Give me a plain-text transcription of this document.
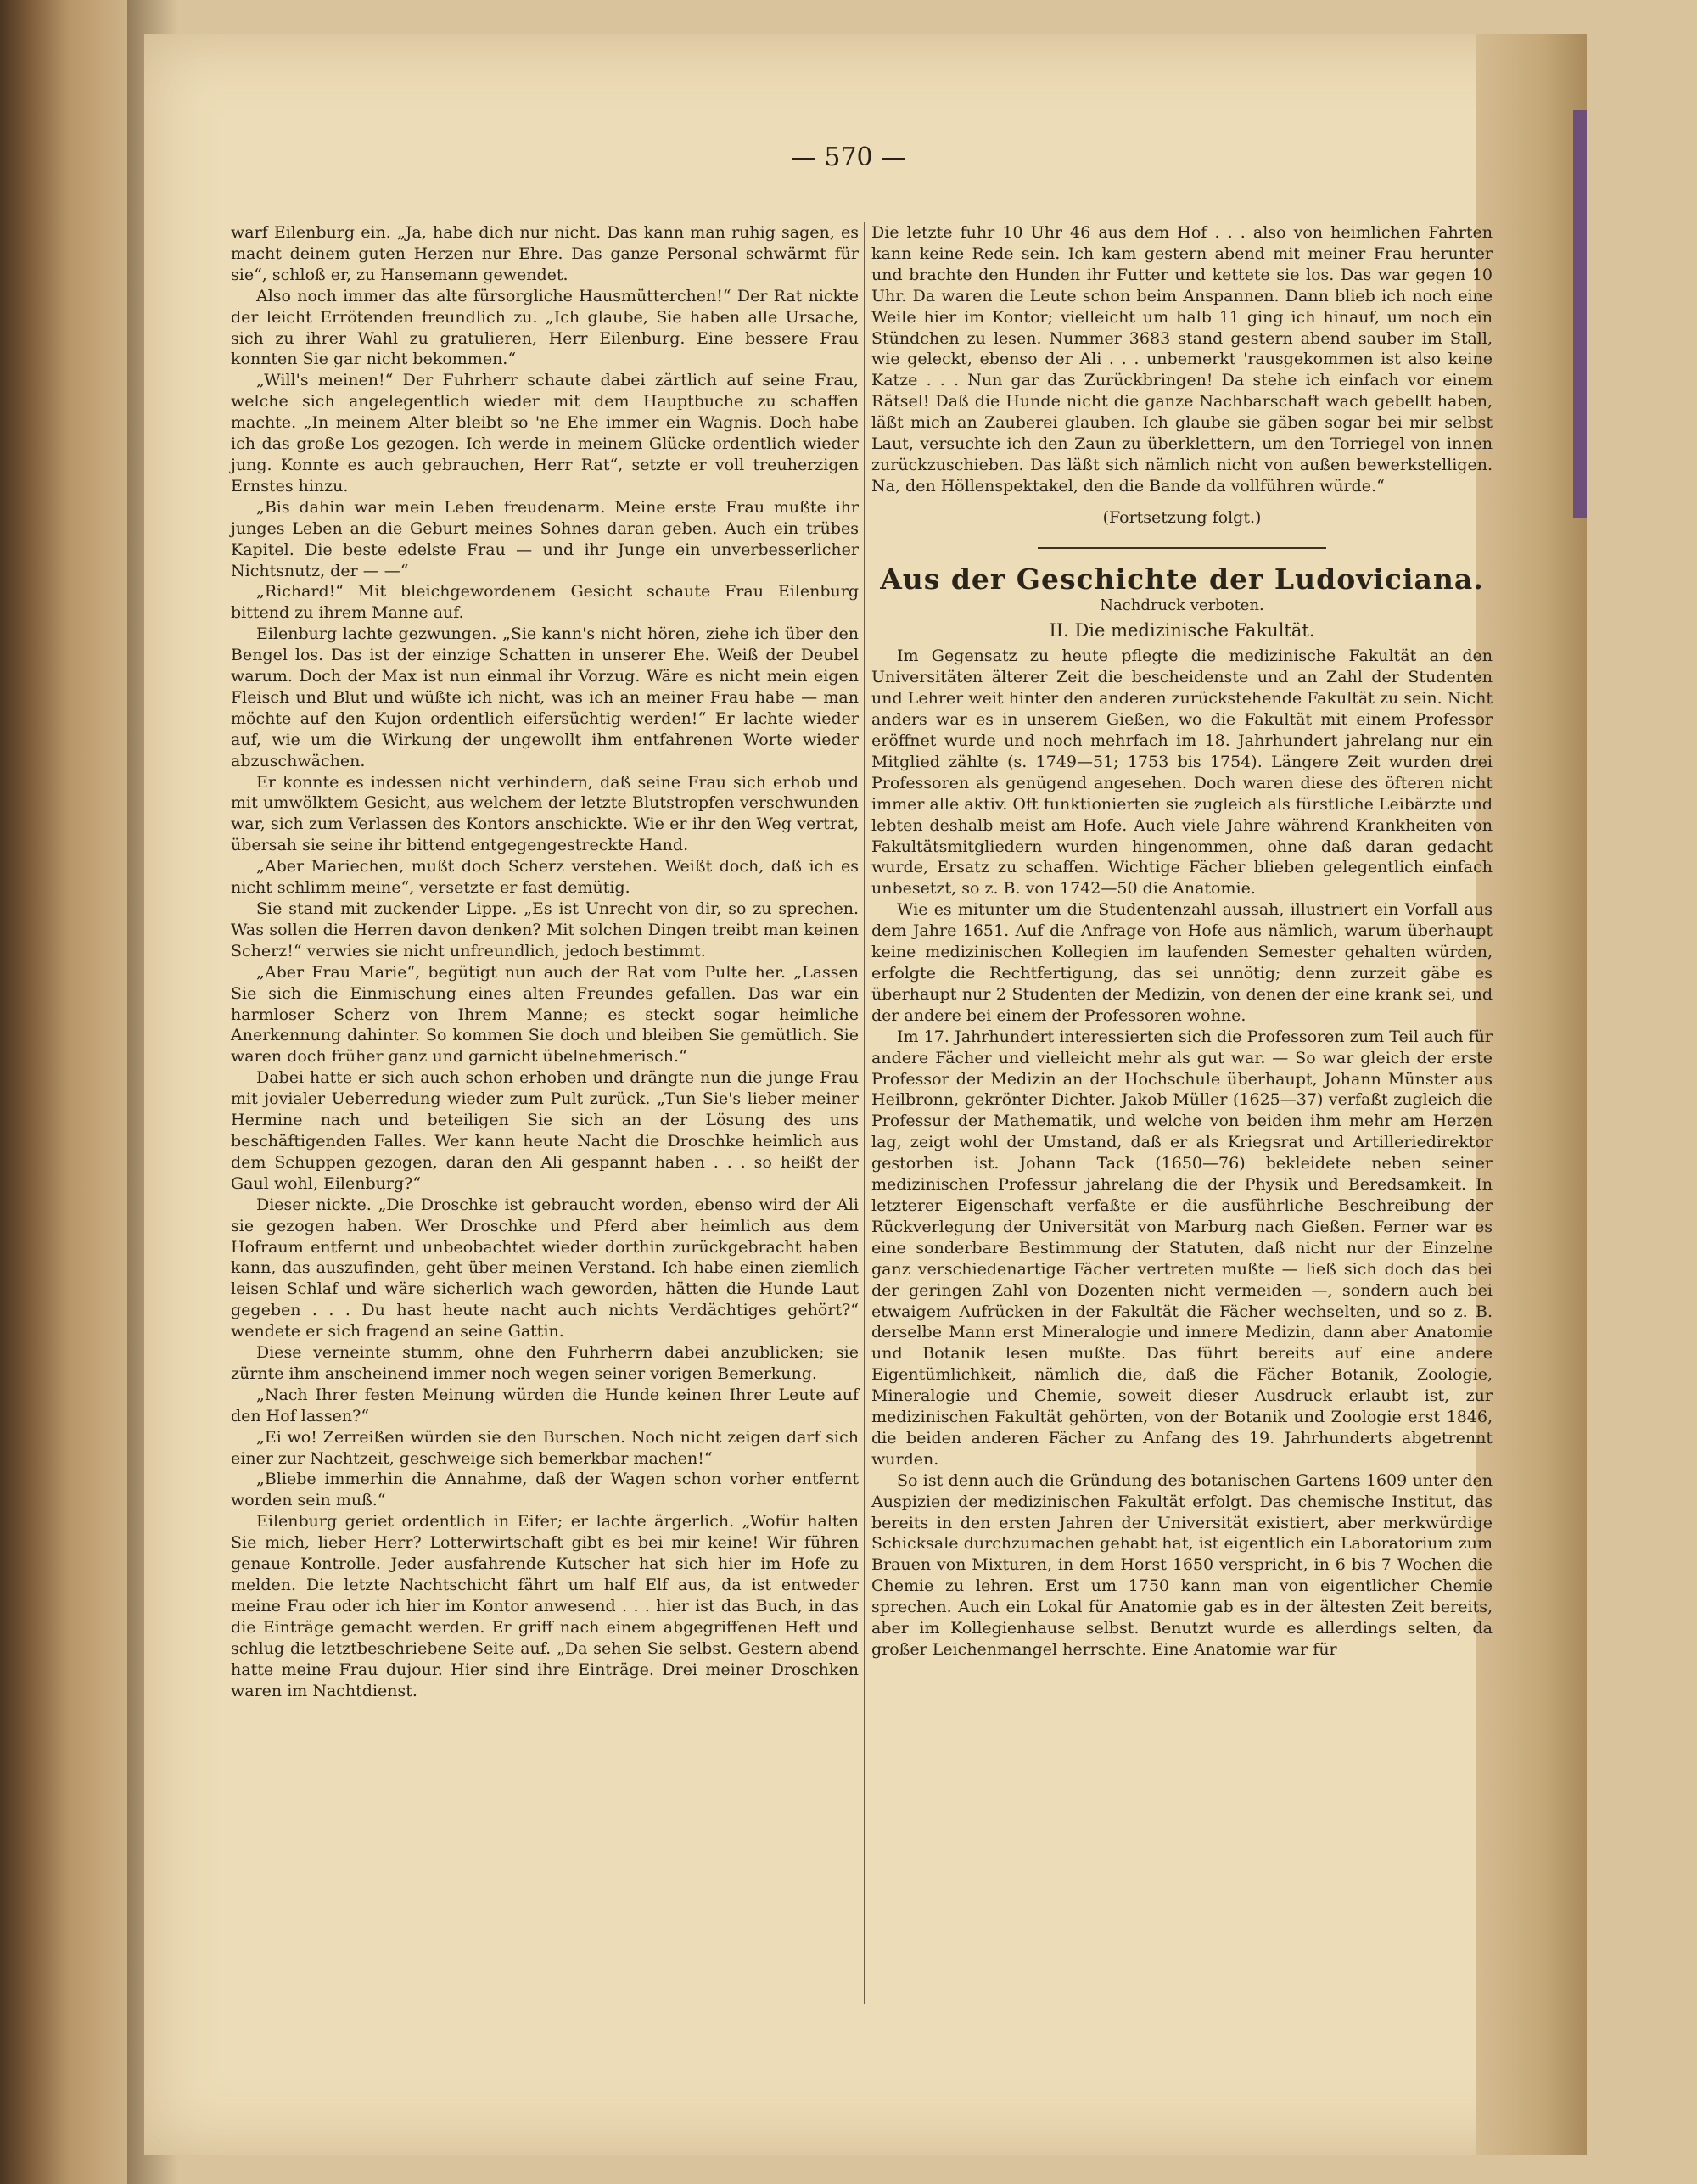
— 570 —

warf Eilenburg ein. „Ja, habe dich nur nicht. Das kann man ruhig sagen, es macht deinem guten Herzen nur Ehre. Das ganze Personal schwärmt für sie“, schloß er, zu Hansemann gewendet.

Also noch immer das alte fürsorgliche Hausmütterchen!“ Der Rat nickte der leicht Errötenden freundlich zu. „Ich glaube, Sie haben alle Ursache, sich zu ihrer Wahl zu gratulieren, Herr Eilenburg. Eine bessere Frau konnten Sie gar nicht bekommen.“

„Will's meinen!“ Der Fuhrherr schaute dabei zärtlich auf seine Frau, welche sich angelegentlich wieder mit dem Hauptbuche zu schaffen machte. „In meinem Alter bleibt so 'ne Ehe immer ein Wagnis. Doch habe ich das große Los gezogen. Ich werde in meinem Glücke ordentlich wieder jung. Konnte es auch gebrauchen, Herr Rat“, setzte er voll treuherzigen Ernstes hinzu.

„Bis dahin war mein Leben freudenarm. Meine erste Frau mußte ihr junges Leben an die Geburt meines Sohnes daran geben. Auch ein trübes Kapitel. Die beste edelste Frau — und ihr Junge ein unverbesserlicher Nichtsnutz, der — —“

„Richard!“ Mit bleichgewordenem Gesicht schaute Frau Eilenburg bittend zu ihrem Manne auf.

Eilenburg lachte gezwungen. „Sie kann's nicht hören, ziehe ich über den Bengel los. Das ist der einzige Schatten in unserer Ehe. Weiß der Deubel warum. Doch der Max ist nun einmal ihr Vorzug. Wäre es nicht mein eigen Fleisch und Blut und wüßte ich nicht, was ich an meiner Frau habe — man möchte auf den Kujon ordentlich eifersüchtig werden!“ Er lachte wieder auf, wie um die Wirkung der ungewollt ihm entfahrenen Worte wieder abzuschwächen.

Er konnte es indessen nicht verhindern, daß seine Frau sich erhob und mit umwölktem Gesicht, aus welchem der letzte Blutstropfen verschwunden war, sich zum Verlassen des Kontors anschickte. Wie er ihr den Weg vertrat, übersah sie seine ihr bittend entgegengestreckte Hand.

„Aber Mariechen, mußt doch Scherz verstehen. Weißt doch, daß ich es nicht schlimm meine“, versetzte er fast demütig.

Sie stand mit zuckender Lippe. „Es ist Unrecht von dir, so zu sprechen. Was sollen die Herren davon denken? Mit solchen Dingen treibt man keinen Scherz!“ verwies sie nicht unfreundlich, jedoch bestimmt.

„Aber Frau Marie“, begütigt nun auch der Rat vom Pulte her. „Lassen Sie sich die Einmischung eines alten Freundes gefallen. Das war ein harmloser Scherz von Ihrem Manne; es steckt sogar heimliche Anerkennung dahinter. So kommen Sie doch und bleiben Sie gemütlich. Sie waren doch früher ganz und garnicht übelnehmerisch.“

Dabei hatte er sich auch schon erhoben und drängte nun die junge Frau mit jovialer Ueberredung wieder zum Pult zurück. „Tun Sie's lieber meiner Hermine nach und beteiligen Sie sich an der Lösung des uns beschäftigenden Falles. Wer kann heute Nacht die Droschke heimlich aus dem Schuppen gezogen, daran den Ali gespannt haben . . . so heißt der Gaul wohl, Eilenburg?“

Dieser nickte. „Die Droschke ist gebraucht worden, ebenso wird der Ali sie gezogen haben. Wer Droschke und Pferd aber heimlich aus dem Hofraum entfernt und unbeobachtet wieder dorthin zurückgebracht haben kann, das auszufinden, geht über meinen Verstand. Ich habe einen ziemlich leisen Schlaf und wäre sicherlich wach geworden, hätten die Hunde Laut gegeben . . . Du hast heute nacht auch nichts Verdächtiges gehört?“ wendete er sich fragend an seine Gattin.

Diese verneinte stumm, ohne den Fuhrherrn dabei anzublicken; sie zürnte ihm anscheinend immer noch wegen seiner vorigen Bemerkung.

„Nach Ihrer festen Meinung würden die Hunde keinen Ihrer Leute auf den Hof lassen?“

„Ei wo! Zerreißen würden sie den Burschen. Noch nicht zeigen darf sich einer zur Nachtzeit, geschweige sich bemerkbar machen!“

„Bliebe immerhin die Annahme, daß der Wagen schon vorher entfernt worden sein muß.“

Eilenburg geriet ordentlich in Eifer; er lachte ärgerlich. „Wofür halten Sie mich, lieber Herr? Lotterwirtschaft gibt es bei mir keine! Wir führen genaue Kontrolle. Jeder ausfahrende Kutscher hat sich hier im Hofe zu melden. Die letzte Nachtschicht fährt um half Elf aus, da ist entweder meine Frau oder ich hier im Kontor anwesend . . . hier ist das Buch, in das die Einträge gemacht werden. Er griff nach einem abgegriffenen Heft und schlug die letztbeschriebene Seite auf. „Da sehen Sie selbst. Gestern abend hatte meine Frau dujour. Hier sind ihre Einträge. Drei meiner Droschken waren im Nachtdienst.

Die letzte fuhr 10 Uhr 46 aus dem Hof . . . also von heimlichen Fahrten kann keine Rede sein. Ich kam gestern abend mit meiner Frau herunter und brachte den Hunden ihr Futter und kettete sie los. Das war gegen 10 Uhr. Da waren die Leute schon beim Anspannen. Dann blieb ich noch eine Weile hier im Kontor; vielleicht um halb 11 ging ich hinauf, um noch ein Stündchen zu lesen. Nummer 3683 stand gestern abend sauber im Stall, wie geleckt, ebenso der Ali . . . unbemerkt 'rausgekommen ist also keine Katze . . . Nun gar das Zurückbringen! Da stehe ich einfach vor einem Rätsel! Daß die Hunde nicht die ganze Nachbarschaft wach gebellt haben, läßt mich an Zauberei glauben. Ich glaube sie gäben sogar bei mir selbst Laut, versuchte ich den Zaun zu überklettern, um den Torriegel von innen zurückzuschieben. Das läßt sich nämlich nicht von außen bewerkstelligen. Na, den Höllenspektakel, den die Bande da vollführen würde.“

(Fortsetzung folgt.)
Aus der Geschichte der Ludoviciana.
Nachdruck verboten.
II. Die medizinische Fakultät.

Im Gegensatz zu heute pflegte die medizinische Fakultät an den Universitäten älterer Zeit die bescheidenste und an Zahl der Studenten und Lehrer weit hinter den anderen zurückstehende Fakultät zu sein. Nicht anders war es in unserem Gießen, wo die Fakultät mit einem Professor eröffnet wurde und noch mehrfach im 18. Jahrhundert jahrelang nur ein Mitglied zählte (s. 1749—51; 1753 bis 1754). Längere Zeit wurden drei Professoren als genügend angesehen. Doch waren diese des öfteren nicht immer alle aktiv. Oft funktionierten sie zugleich als fürstliche Leibärzte und lebten deshalb meist am Hofe. Auch viele Jahre während Krankheiten von Fakultätsmitgliedern wurden hingenommen, ohne daß daran gedacht wurde, Ersatz zu schaffen. Wichtige Fächer blieben gelegentlich einfach unbesetzt, so z. B. von 1742—50 die Anatomie.

Wie es mitunter um die Studentenzahl aussah, illustriert ein Vorfall aus dem Jahre 1651. Auf die Anfrage von Hofe aus nämlich, warum überhaupt keine medizinischen Kollegien im laufenden Semester gehalten würden, erfolgte die Rechtfertigung, das sei unnötig; denn zurzeit gäbe es überhaupt nur 2 Studenten der Medizin, von denen der eine krank sei, und der andere bei einem der Professoren wohne.

Im 17. Jahrhundert interessierten sich die Professoren zum Teil auch für andere Fächer und vielleicht mehr als gut war. — So war gleich der erste Professor der Medizin an der Hochschule überhaupt, Johann Münster aus Heilbronn, gekrönter Dichter. Jakob Müller (1625—37) verfaßt zugleich die Professur der Mathematik, und welche von beiden ihm mehr am Herzen lag, zeigt wohl der Umstand, daß er als Kriegsrat und Artilleriedirektor gestorben ist. Johann Tack (1650—76) bekleidete neben seiner medizinischen Professur jahrelang die der Physik und Beredsamkeit. In letzterer Eigenschaft verfaßte er die ausführliche Beschreibung der Rückverlegung der Universität von Marburg nach Gießen. Ferner war es eine sonderbare Bestimmung der Statuten, daß nicht nur der Einzelne ganz verschiedenartige Fächer vertreten mußte — ließ sich doch das bei der geringen Zahl von Dozenten nicht vermeiden —, sondern auch bei etwaigem Aufrücken in der Fakultät die Fächer wechselten, und so z. B. derselbe Mann erst Mineralogie und innere Medizin, dann aber Anatomie und Botanik lesen mußte. Das führt bereits auf eine andere Eigentümlichkeit, nämlich die, daß die Fächer Botanik, Zoologie, Mineralogie und Chemie, soweit dieser Ausdruck erlaubt ist, zur medizinischen Fakultät gehörten, von der Botanik und Zoologie erst 1846, die beiden anderen Fächer zu Anfang des 19. Jahrhunderts abgetrennt wurden.

So ist denn auch die Gründung des botanischen Gartens 1609 unter den Auspizien der medizinischen Fakultät erfolgt. Das chemische Institut, das bereits in den ersten Jahren der Universität existiert, aber merkwürdige Schicksale durchzumachen gehabt hat, ist eigentlich ein Laboratorium zum Brauen von Mixturen, in dem Horst 1650 verspricht, in 6 bis 7 Wochen die Chemie zu lehren. Erst um 1750 kann man von eigentlicher Chemie sprechen. Auch ein Lokal für Anatomie gab es in der ältesten Zeit bereits, aber im Kollegienhause selbst. Benutzt wurde es allerdings selten, da großer Leichenmangel herrschte. Eine Anatomie war für
